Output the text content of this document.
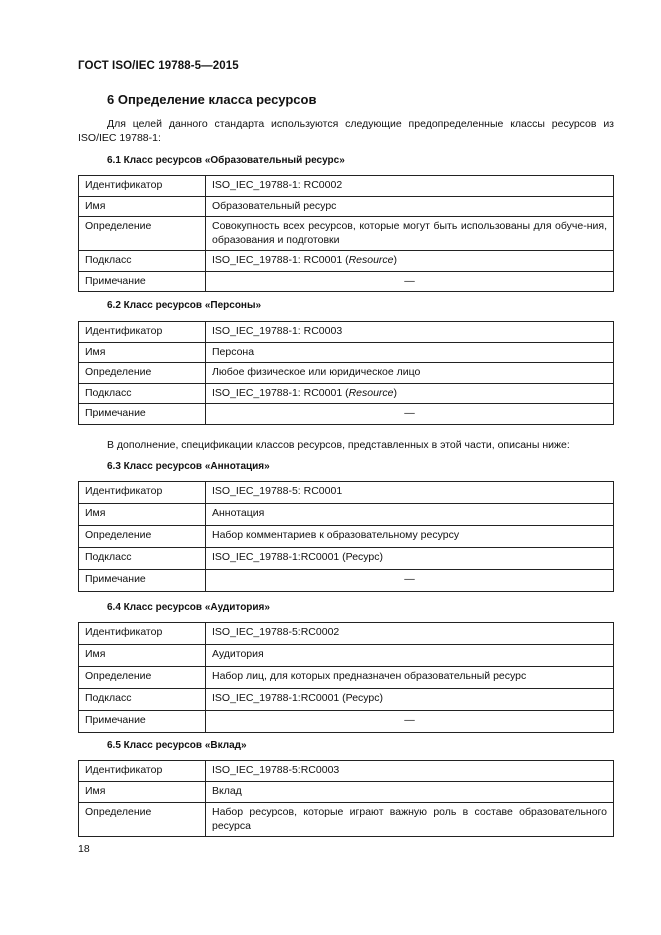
ГОСТ ISO/IEC 19788-5—2015
6 Определение класса ресурсов
Для целей данного стандарта используются следующие предопределенные классы ресурсов из ISO/IEC 19788-1:
6.1 Класс ресурсов «Образовательный ресурс»
Идентификатор	ISO_IEC_19788-1: RC0002
Имя	Образовательный ресурс
Определение	Совокупность всех ресурсов, которые могут быть использованы для обуче-ния, образования и подготовки
Подкласс	ISO_IEC_19788-1: RC0001 (Resource)
Примечание	—
6.2 Класс ресурсов «Персоны»
Идентификатор	ISO_IEC_19788-1: RC0003
Имя	Персона
Определение	Любое физическое или юридическое лицо
Подкласс	ISO_IEC_19788-1: RC0001 (Resource)
Примечание	—
В дополнение, спецификации классов ресурсов, представленных в этой части, описаны ниже:
6.3 Класс ресурсов «Аннотация»
Идентификатор	ISO_IEC_19788-5: RC0001
Имя	Аннотация
Определение	Набор комментариев к образовательному ресурсу
Подкласс	ISO_IEC_19788-1:RC0001 (Ресурс)
Примечание	—
6.4 Класс ресурсов «Аудитория»
Идентификатор	ISO_IEC_19788-5:RC0002
Имя	Аудитория
Определение	Набор лиц, для которых предназначен образовательный ресурс
Подкласс	ISO_IEC_19788-1:RC0001 (Ресурс)
Примечание	—
6.5 Класс ресурсов «Вклад»
Идентификатор	ISO_IEC_19788-5:RC0003
Имя	Вклад
Определение	Набор ресурсов, которые играют важную роль в составе образовательного ресурса
18
